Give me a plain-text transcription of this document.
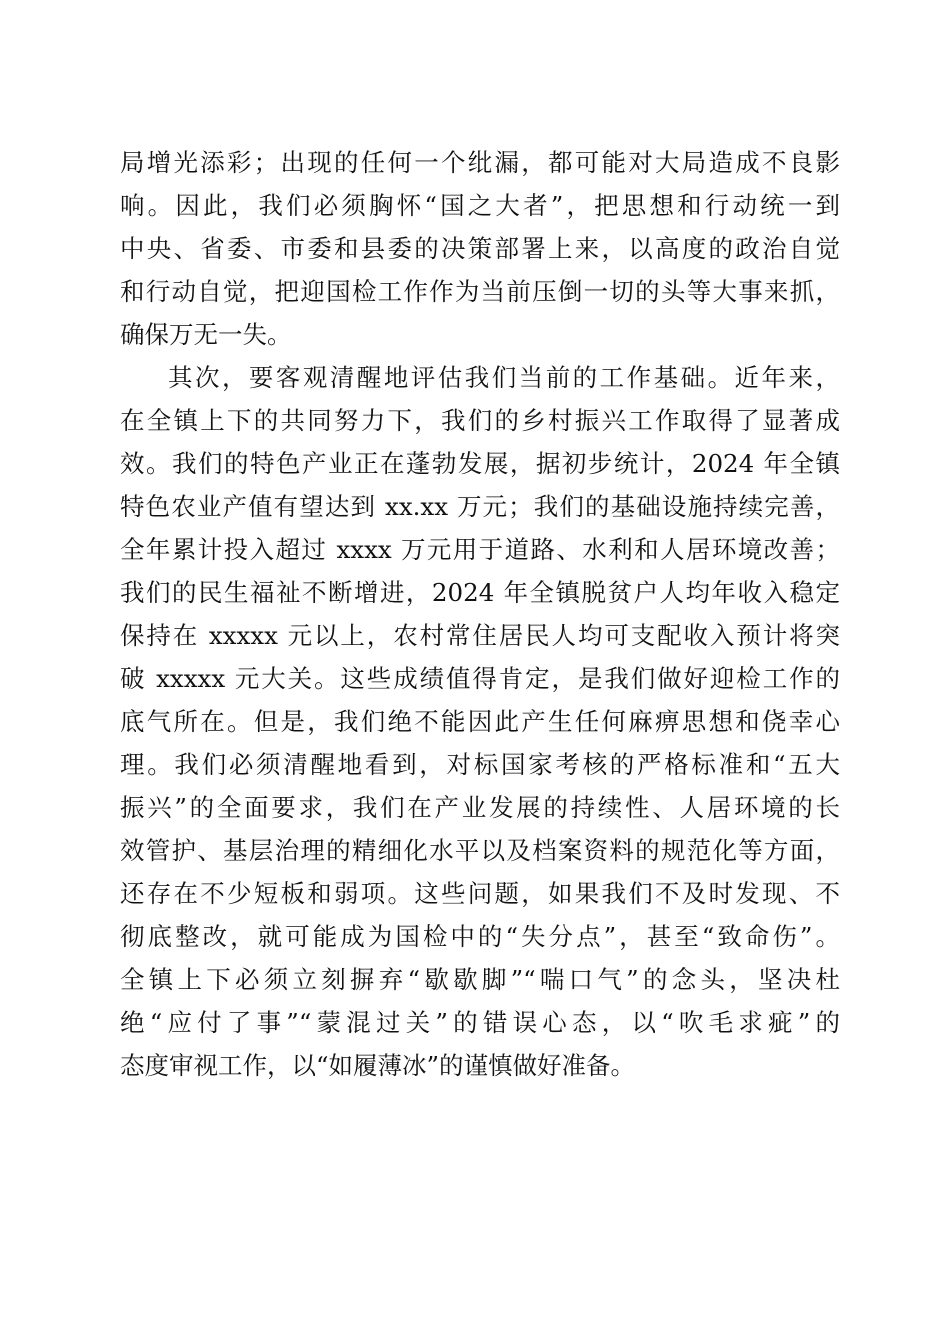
局增光添彩；出现的任何一个纰漏，都可能对大局造成不良影
响。因此，我们必须胸怀“国之大者”，把思想和行动统一到
中央、省委、市委和县委的决策部署上来，以高度的政治自觉
和行动自觉，把迎国检工作作为当前压倒一切的头等大事来抓，
确保万无一失。
其次，要客观清醒地评估我们当前的工作基础。近年来，
在全镇上下的共同努力下，我们的乡村振兴工作取得了显著成
效。我们的特色产业正在蓬勃发展，据初步统计，2024 年全镇
特色农业产值有望达到 xx.xx 万元；我们的基础设施持续完善，
全年累计投入超过 xxxx 万元用于道路、水利和人居环境改善；
我们的民生福祉不断增进，2024 年全镇脱贫户人均年收入稳定
保持在 xxxxx 元以上，农村常住居民人均可支配收入预计将突
破 xxxxx 元大关。这些成绩值得肯定，是我们做好迎检工作的
底气所在。但是，我们绝不能因此产生任何麻痹思想和侥幸心
理。我们必须清醒地看到，对标国家考核的严格标准和“五大
振兴”的全面要求，我们在产业发展的持续性、人居环境的长
效管护、基层治理的精细化水平以及档案资料的规范化等方面，
还存在不少短板和弱项。这些问题，如果我们不及时发现、不
彻底整改，就可能成为国检中的“失分点”，甚至“致命伤”。
全镇上下必须立刻摒弃“歇歇脚”“喘口气”的念头，坚决杜
绝“应付了事”“蒙混过关”的错误心态，以“吹毛求疵”的
态度审视工作，以“如履薄冰”的谨慎做好准备。
